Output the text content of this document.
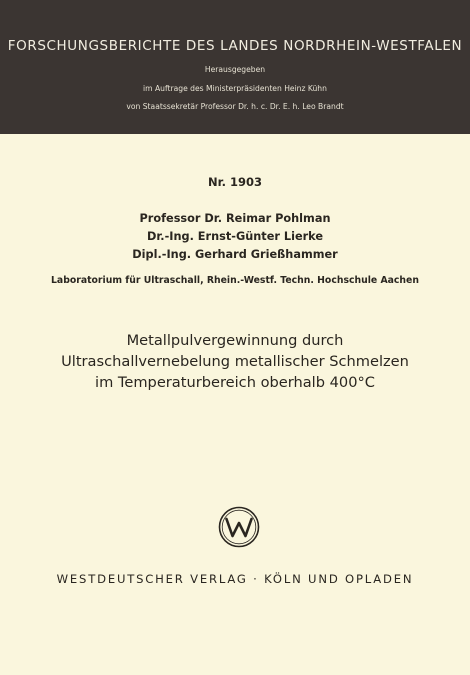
FORSCHUNGSBERICHTE DES LANDES NORDRHEIN-WESTFALEN
Herausgegeben
im Auftrage des Ministerpräsidenten Heinz Kühn
von Staatssekretär Professor Dr. h. c. Dr. E. h. Leo Brandt
Nr. 1903
Professor Dr. Reimar Pohlman
Dr.-Ing. Ernst-Günter Lierke
Dipl.-Ing. Gerhard Grießhammer
Laboratorium für Ultraschall, Rhein.-Westf. Techn. Hochschule Aachen
Metallpulvergewinnung durch
Ultraschallvernebelung metallischer Schmelzen
im Temperaturbereich oberhalb 400°C
WESTDEUTSCHER VERLAG · KÖLN UND OPLADEN
